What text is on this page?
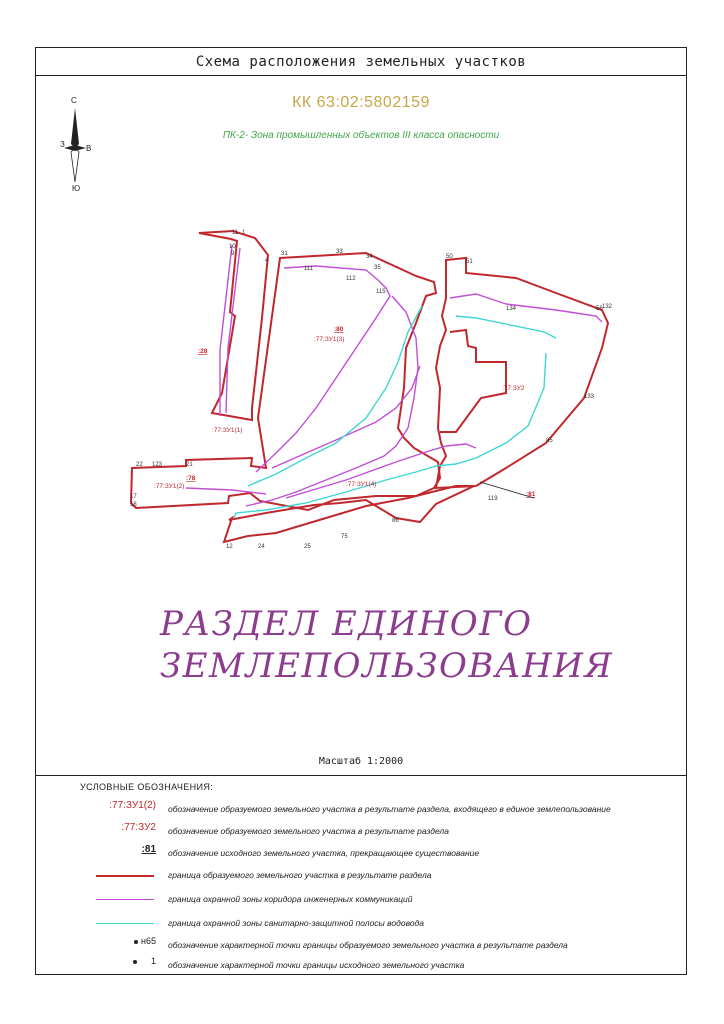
Схема расположения земельных участков
КК 63:02:5802159
ПК-2- Зона промышленных объектов III класса опасности
С
З	В
Ю
11 1
10
9
4
31	33
34
35
50
51
111
112
115
56
134
22 123	21
17
18
12	24	25
75
86
119
85
133
132
:28
:80
:81
:78
:77:ЗУ1(1)
:77:ЗУ1(2)
:77:ЗУ1(3)
:77:ЗУ1(4)
:77:ЗУ2
РАЗДЕЛ ЕДИНОГО
ЗЕМЛЕПОЛЬЗОВАНИЯ
Масштаб 1:2000
УСЛОВНЫЕ ОБОЗНАЧЕНИЯ:
:77:ЗУ1(2) обозначение образуемого земельного участка в результате раздела, входящего в единое землепользование
:77:ЗУ2 обозначение образуемого земельного участка в результате раздела
:81 обозначение исходного земельного участка, прекращающее существование
граница образуемого земельного участка в результате раздела
граница охранной зоны коридора инженерных коммуникаций
граница охранной зоны санитарно-защитной полосы водовода
н65 обозначение характерной точки границы образуемого земельного участка в результате раздела
1 обозначение характерной точки границы исходного земельного участка
